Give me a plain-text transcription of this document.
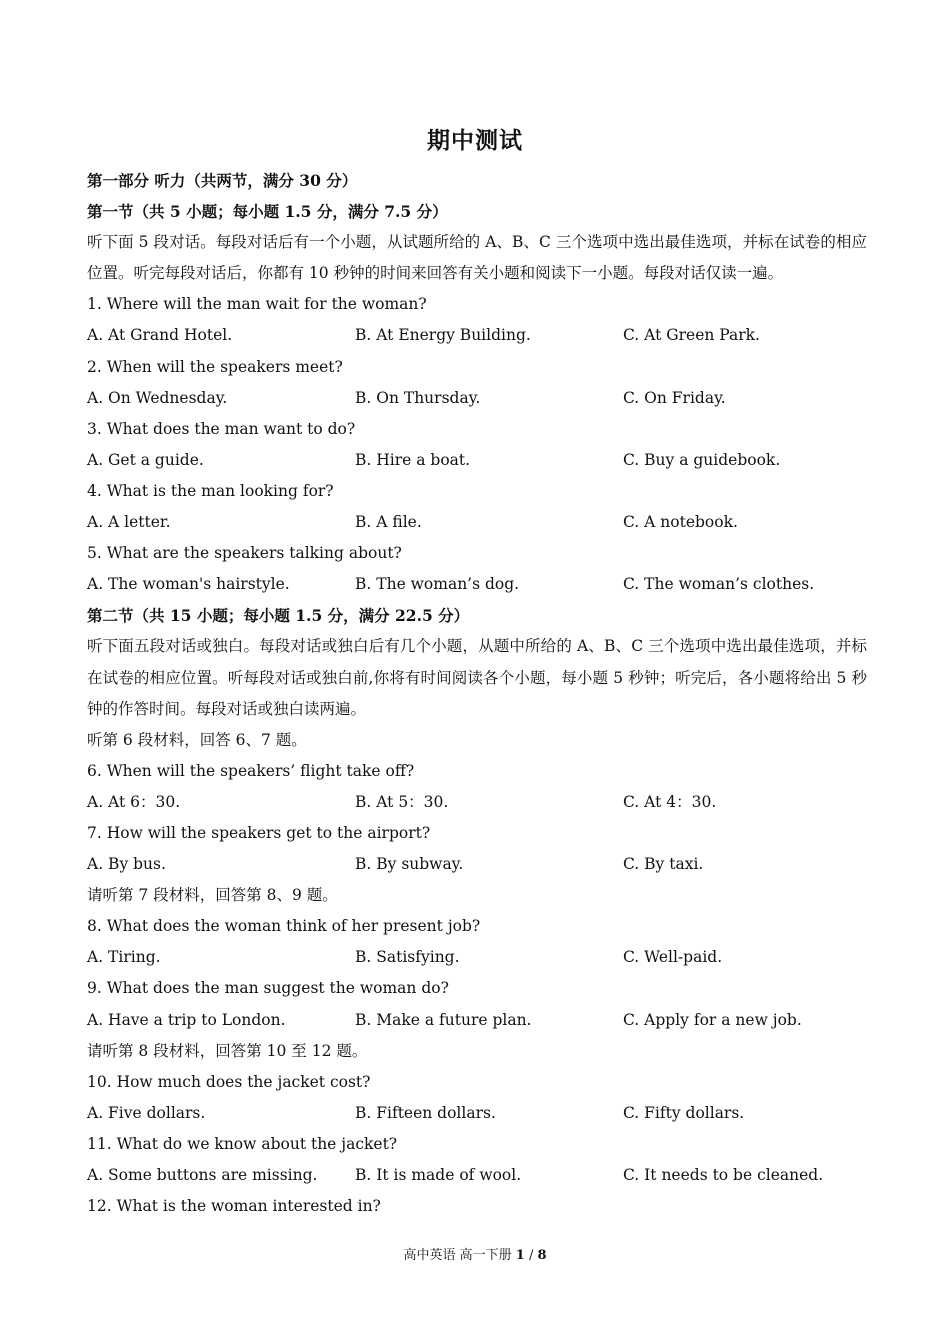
期中测试
第一部分 听力（共两节，满分 30 分）
第一节（共 5 小题；每小题 1.5 分，满分 7.5 分）
听下面 5 段对话。每段对话后有一个小题，从试题所给的 A、B、C 三个选项中选出最佳选项，并标在试卷的相应位置。听完每段对话后，你都有 10 秒钟的时间来回答有关小题和阅读下一小题。每段对话仅读一遍。
1. Where will the man wait for the woman?
A. At Grand Hotel.	B. At Energy Building.	C. At Green Park.
2. When will the speakers meet?
A. On Wednesday.	B. On Thursday.	C. On Friday.
3. What does the man want to do?
A. Get a guide.	B. Hire a boat.	C. Buy a guidebook.
4. What is the man looking for?
A. A letter.	B. A file.	C. A notebook.
5. What are the speakers talking about?
A. The woman's hairstyle.	B. The woman’s dog.	C. The woman’s clothes.
第二节（共 15 小题；每小题 1.5 分，满分 22.5 分）
听下面五段对话或独白。每段对话或独白后有几个小题，从题中所给的 A、B、C 三个选项中选出最佳选项，并标在试卷的相应位置。听每段对话或独白前,你将有时间阅读各个小题，每小题 5 秒钟；听完后，各小题将给出 5 秒钟的作答时间。每段对话或独白读两遍。
听第 6 段材料，回答 6、7 题。
6. When will the speakers’ flight take off?
A. At 6：30.	B. At 5：30.	C. At 4：30.
7. How will the speakers get to the airport?
A. By bus.	B. By subway.	C. By taxi.
请听第 7 段材料，回答第 8、9 题。
8. What does the woman think of her present job?
A. Tiring.	B. Satisfying.	C. Well-paid.
9. What does the man suggest the woman do?
A. Have a trip to London.	B. Make a future plan.	C. Apply for a new job.
请听第 8 段材料，回答第 10 至 12 题。
10. How much does the jacket cost?
A. Five dollars.	B. Fifteen dollars.	C. Fifty dollars.
11. What do we know about the jacket?
A. Some buttons are missing. B. It is made of wool.	C. It needs to be cleaned.
12. What is the woman interested in?
高中英语 高一下册 1 / 8
